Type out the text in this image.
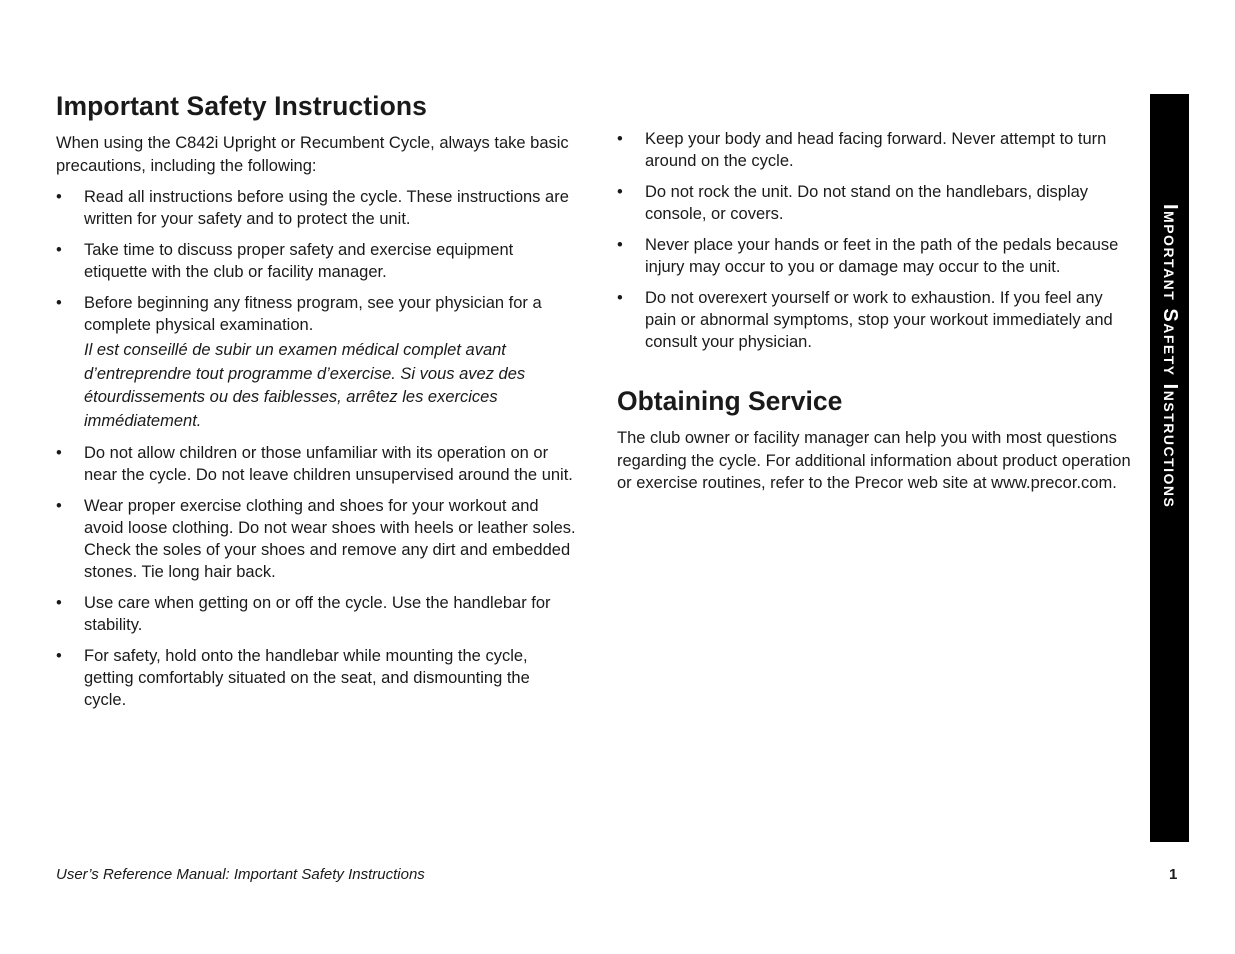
Important Safety Instructions

When using the C842i Upright or Recumbent Cycle, always take basic precautions, including the following:

•	Read all instructions before using the cycle. These instructions are written for your safety and to protect the unit.
•	Take time to discuss proper safety and exercise equipment etiquette with the club or facility manager.
•	Before beginning any fitness program, see your physician for a complete physical examination.
Il est conseillé de subir un examen médical complet avant d’entreprendre tout programme d’exercise. Si vous avez des étourdissements ou des faiblesses, arrêtez les exercices immédiatement.
•	Do not allow children or those unfamiliar with its operation on or near the cycle. Do not leave children unsupervised around the unit.
•	Wear proper exercise clothing and shoes for your workout and avoid loose clothing. Do not wear shoes with heels or leather soles. Check the soles of your shoes and remove any dirt and embedded stones. Tie long hair back.
•	Use care when getting on or off the cycle. Use the handlebar for stability.
•	For safety, hold onto the handlebar while mounting the cycle, getting comfortably situated on the seat, and dismounting the cycle.
•	Keep your body and head facing forward. Never attempt to turn around on the cycle.
•	Do not rock the unit. Do not stand on the handlebars, display console, or covers.
•	Never place your hands or feet in the path of the pedals because injury may occur to you or damage may occur to the unit.
•	Do not overexert yourself or work to exhaustion. If you feel any pain or abnormal symptoms, stop your workout immediately and consult your physician.
Obtaining Service

The club owner or facility manager can help you with most questions regarding the cycle. For additional information about product operation or exercise routines, refer to the Precor web site at www.precor.com.	Important Safety Instructions
User’s Reference Manual: Important Safety Instructions	1
